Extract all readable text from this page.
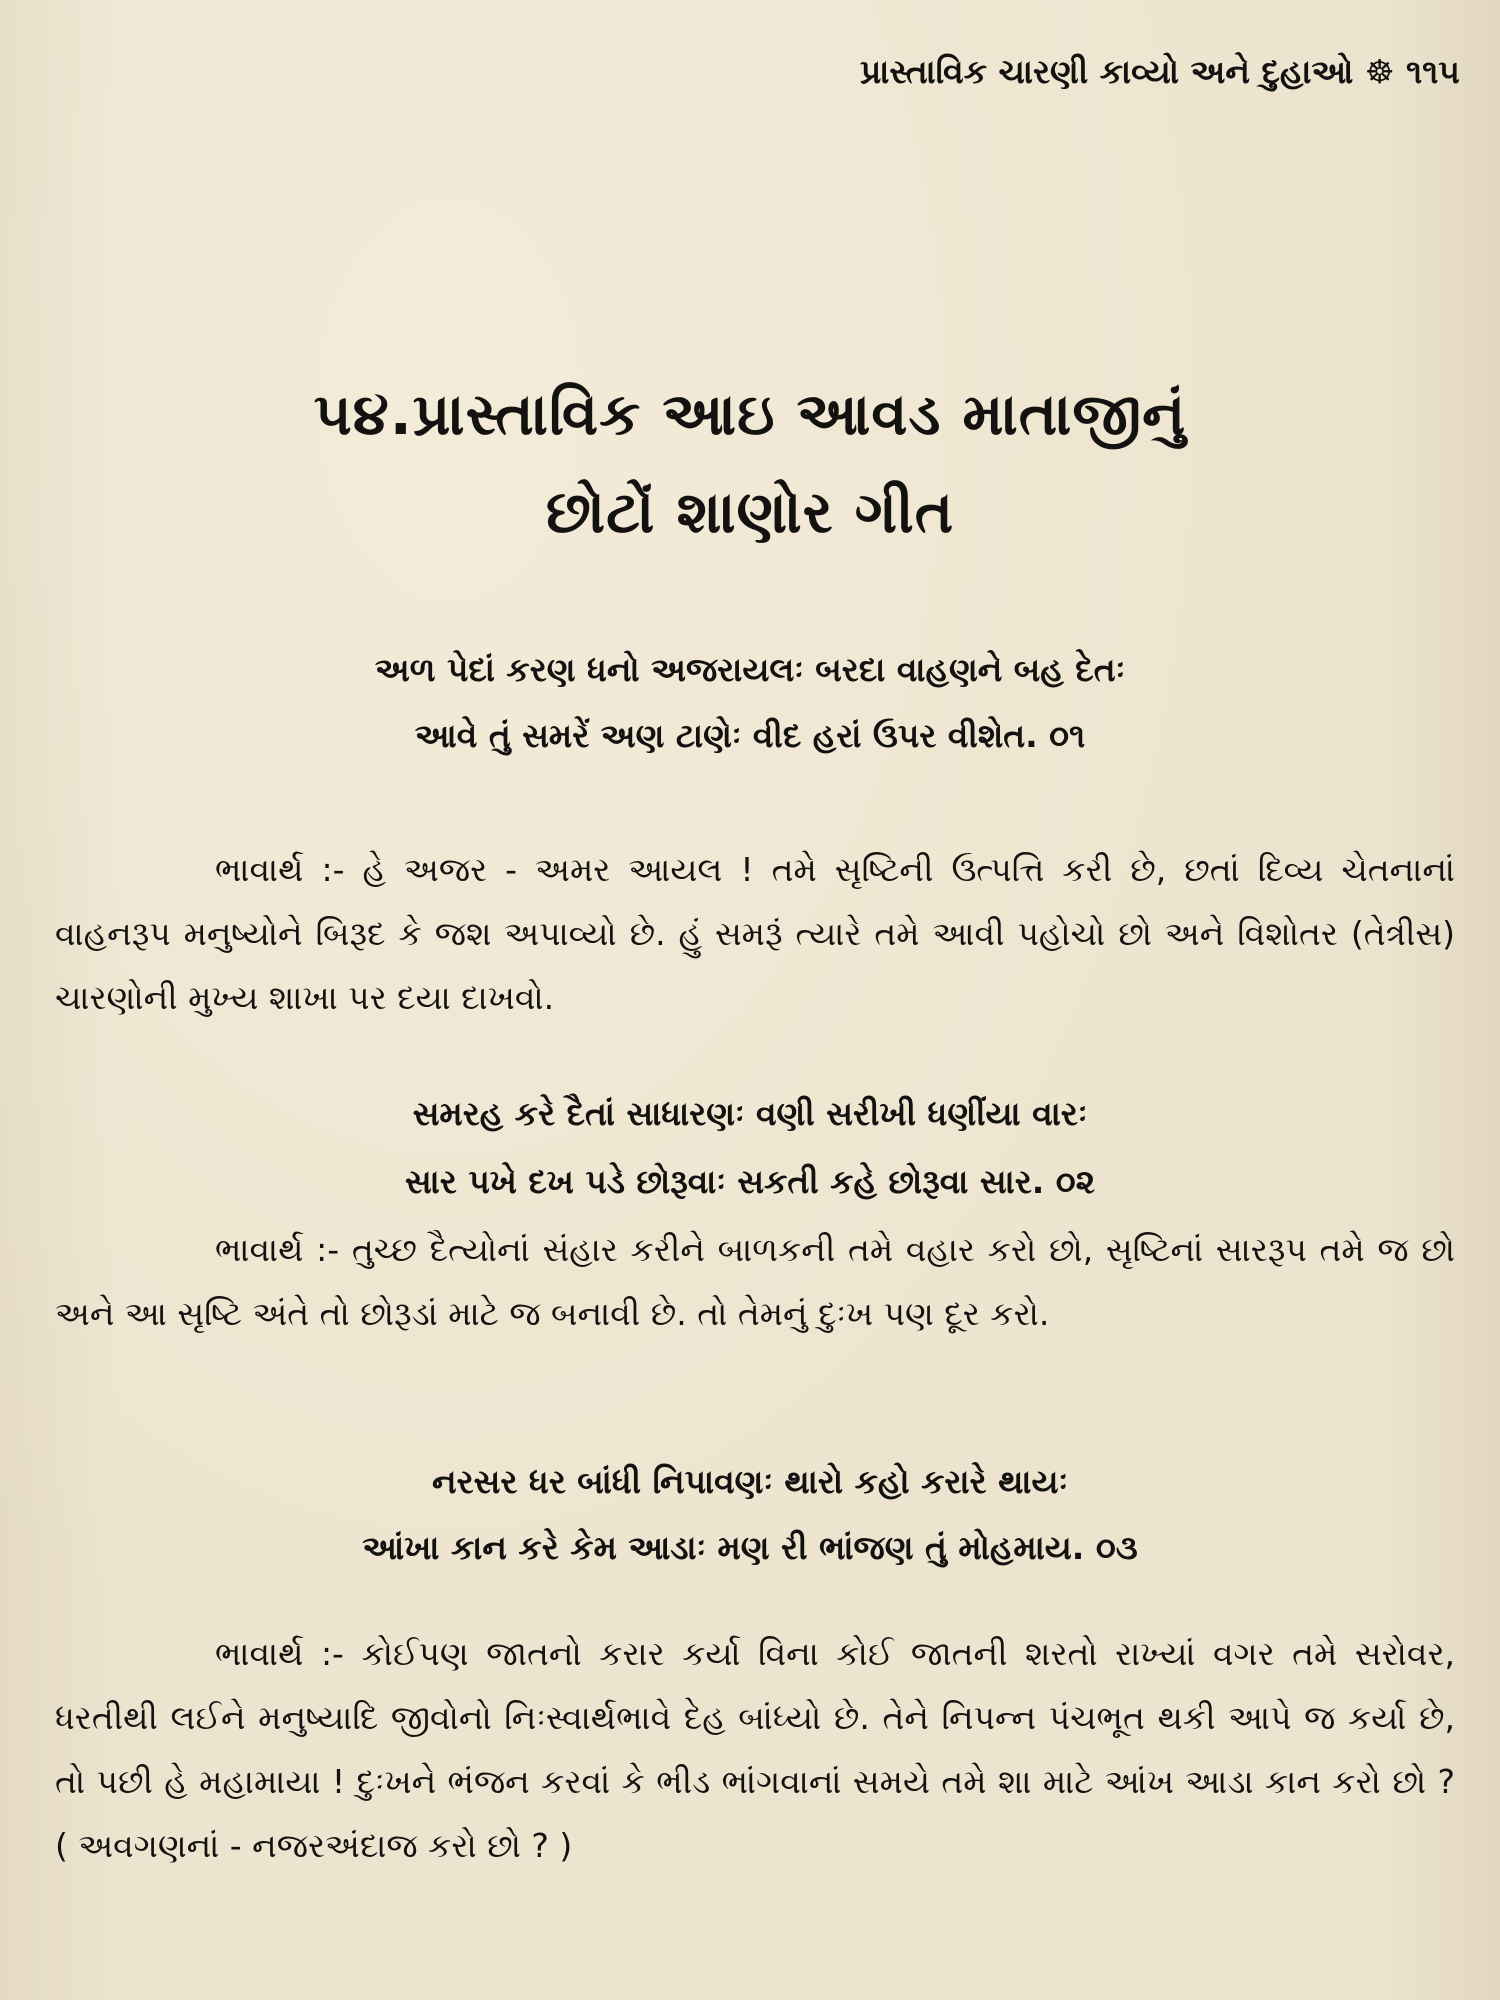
પ્રાસ્તાવિક ચારણી કાવ્યો અને દુહાઓ ☸ ૧૧૫
૫૪.પ્રાસ્તાવિક આઇ આવડ માતાજીનું
છોટોં શાણોર ગીત
અળ પેદાં કરણ ધનો અજરાયલઃ બરદા વાહણને બહ દેતઃ
આવે તું સમરેં અણ ટાણેઃ વીદ હરાં ઉપર વીશેત. ૦૧

ભાવાર્થ :- હે અજર - અમર આયલ ! તમે સૃષ્ટિની ઉત્પત્તિ કરી છે, છતાં દિવ્ય ચેતનાનાં વાહનરૂપ મનુષ્યોને બિરૂદ કે જશ અપાવ્યો છે. હું સમરૂં ત્યારે તમે આવી પહોચો છો અને વિશોતર (તેત્રીસ) ચારણોની મુખ્ય શાખા પર દયા દાખવો.

સમરહ કરે દૈતાં સાધારણઃ વણી સરીખી ધણીંયા વારઃ
સાર પખે દખ પડે છોરૂવાઃ સકતી કહે છોરૂવા સાર. ૦૨

ભાવાર્થ :- તુચ્છ દૈત્યોનાં સંહાર કરીને બાળકની તમે વહાર કરો છો, સૃષ્ટિનાં સારરૂપ તમે જ છો અને આ સૃષ્ટિ અંતે તો છોરૂડાં માટે જ બનાવી છે. તો તેમનું દુઃખ પણ દૂર કરો.

નરસર ધર બાંધી નિપાવણઃ થારો કહો કરારે થાયઃ
આંખા કાન કરે કેમ આડાઃ મણ રી ભાંજણ તું મોહમાય. ૦૩

ભાવાર્થ :- કોઈપણ જાતનો કરાર કર્યા વિના કોઈ જાતની શરતો રાખ્યાં વગર તમે સરોવર, ધરતીથી લઈને મનુષ્યાદિ જીવોનો નિઃસ્વાર્થભાવે દેહ બાંધ્યો છે. તેને નિપન્ન પંચભૂત થકી આપે જ કર્યા છે, તો પછી હે મહામાયા ! દુઃખને ભંજન કરવાં કે ભીડ ભાંગવાનાં સમયે તમે શા માટે આંખ આડા કાન કરો છો ? ( અવગણનાં - નજરઅંદાજ કરો છો ? )
